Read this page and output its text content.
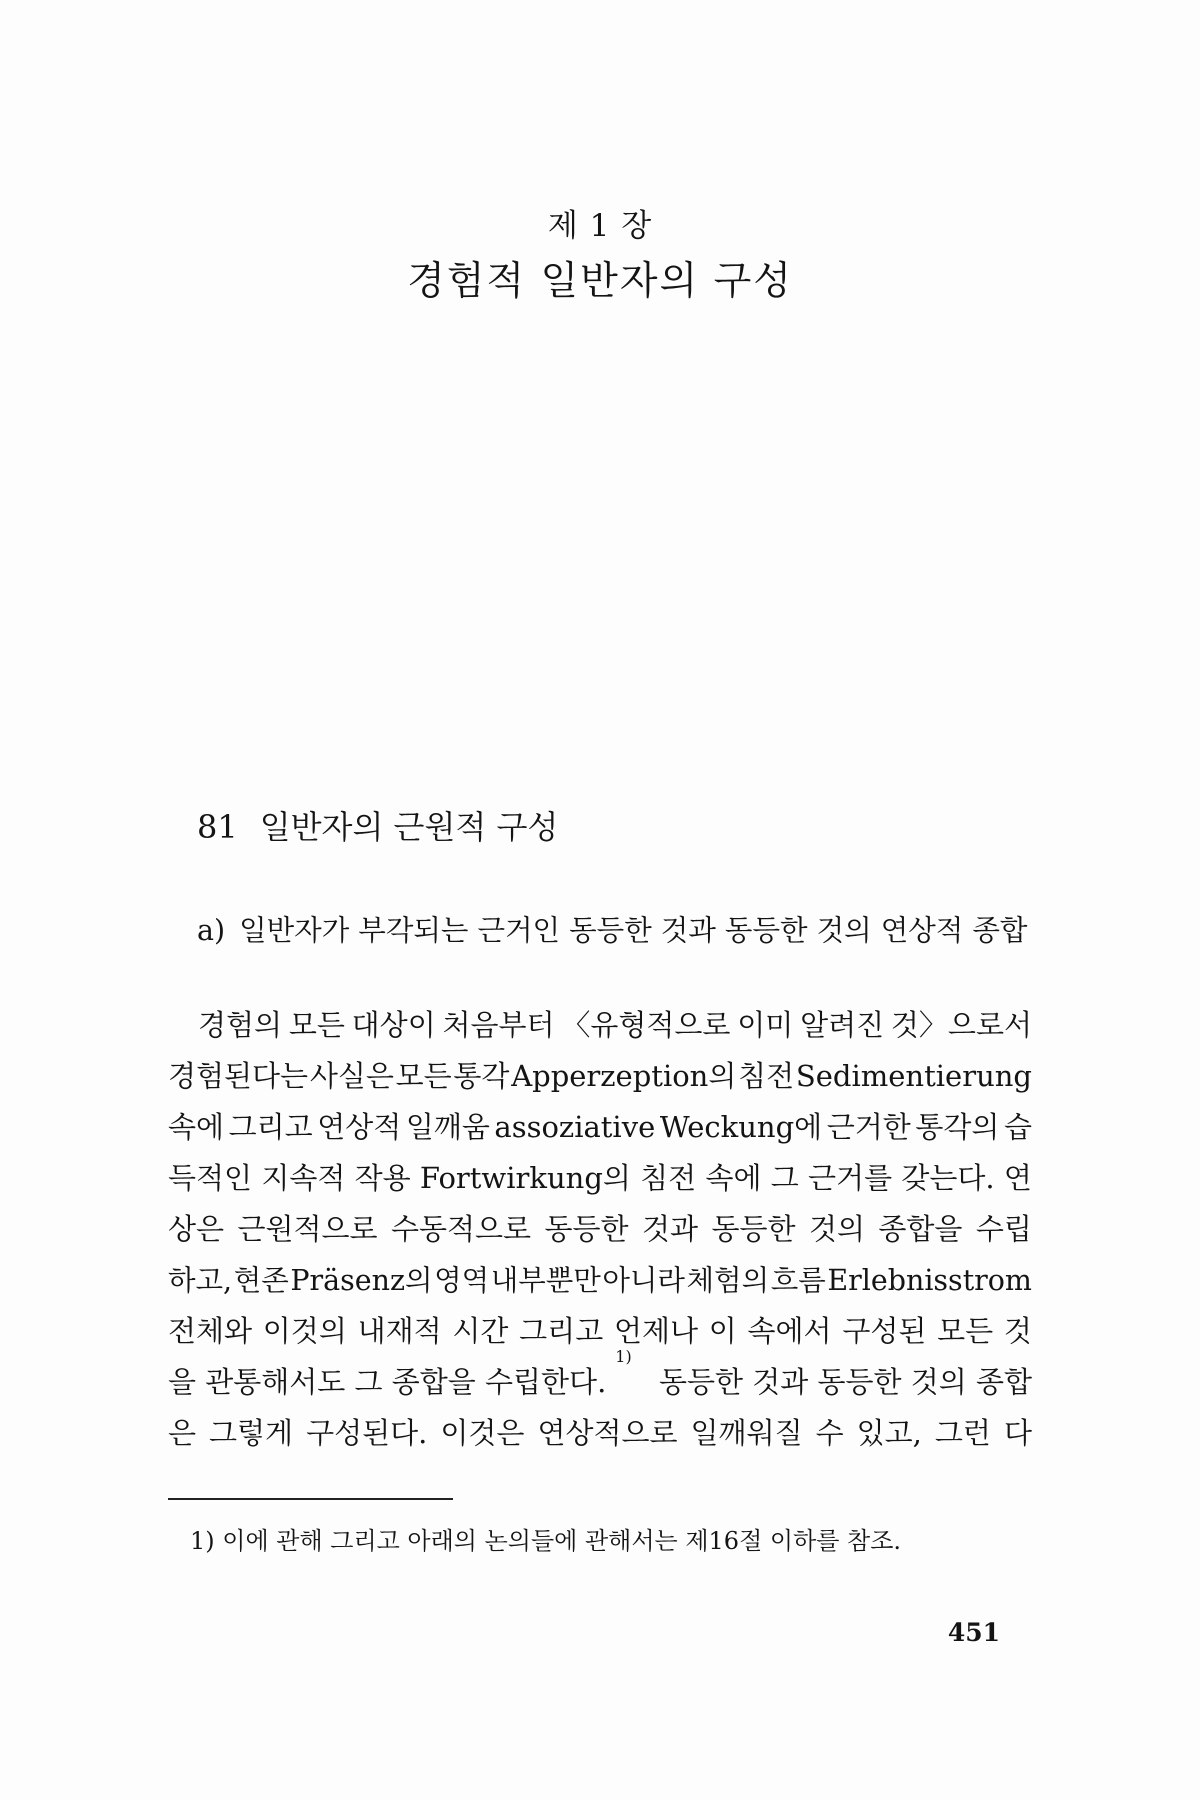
제 1 장
경험적 일반자의 구성
81 일반자의 근원적 구성
a) 일반자가 부각되는 근거인 동등한 것과 동등한 것의 연상적 종합
경험의 모든 대상이 처음부터 〈유형적으로 이미 알려진 것〉으로서
경험된다는 사실은 모든 통각 Apperzeption의 침전 Sedimentierung
속에 그리고 연상적 일깨움 assoziative Weckung에 근거한 통각의 습
득적인 지속적 작용 Fortwirkung의 침전 속에 그 근거를 갖는다. 연
상은 근원적으로 수동적으로 동등한 것과 동등한 것의 종합을 수립
하고, 현존 Präsenz의 영역 내부뿐만 아니라 체험의 흐름 Erlebnisstrom
전체와 이것의 내재적 시간 그리고 언제나 이 속에서 구성된 모든 것
을 관통해서도 그 종합을 수립한다.
1)

동등한 것과 동등한 것의 종합
은 그렇게 구성된다. 이것은 연상적으로 일깨워질 수 있고, 그런 다
1) 이에 관해 그리고 아래의 논의들에 관해서는 제16절 이하를 참조.
451
